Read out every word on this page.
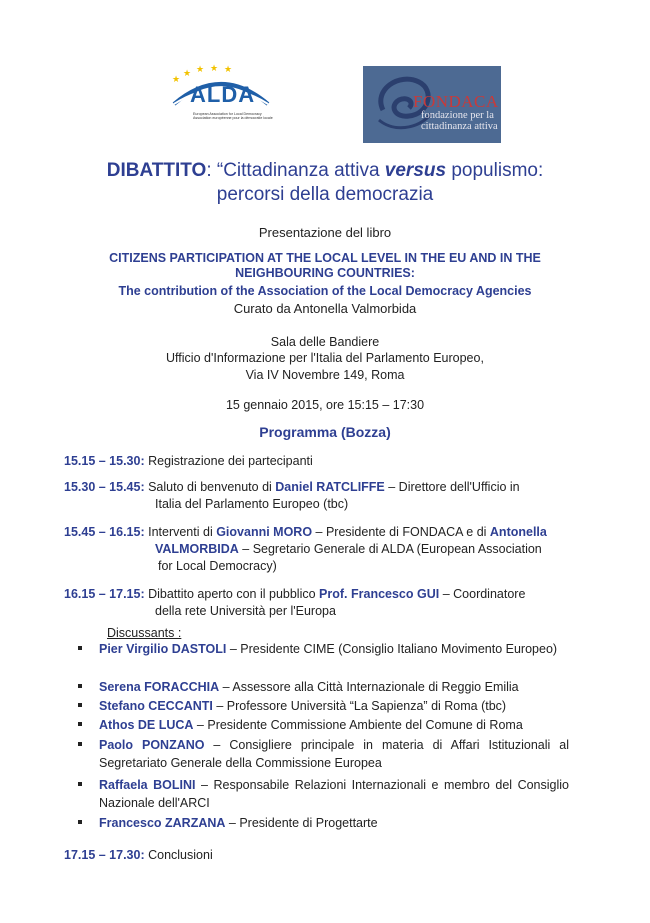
★
★ ★ ★ ★
ALDA
European Association for Local Democracy
Association européenne pour la démocratie locale
FONDACA
fondazione per la
cittadinanza attiva
DIBATTITO: “Cittadinanza attiva versus populismo:
percorsi della democrazia
Presentazione del libro
CITIZENS PARTICIPATION AT THE LOCAL LEVEL IN THE EU AND IN THE
NEIGHBOURING COUNTRIES:
The contribution of the Association of the Local Democracy Agencies
Curato da Antonella Valmorbida
Sala delle Bandiere
Ufficio d'Informazione per l'Italia del Parlamento Europeo,
Via IV Novembre 149, Roma
15 gennaio 2015, ore 15:15 – 17:30
Programma (Bozza)
15.15 – 15.30: Registrazione dei partecipanti
15.30 – 15.45: Saluto di benvenuto di Daniel RATCLIFFE – Direttore dell'Ufficio in
Italia del Parlamento Europeo (tbc)
15.45 – 16.15: Interventi di Giovanni MORO – Presidente di FONDACA e di Antonella
VALMORBIDA – Segretario Generale di ALDA (European Association
for Local Democracy)
16.15 – 17.15: Dibattito aperto con il pubblico Prof. Francesco GUI – Coordinatore
della rete Università per l'Europa
Discussants :
Pier Virgilio DASTOLI – Presidente CIME (Consiglio Italiano Movimento Europeo)
Serena FORACCHIA – Assessore alla Città Internazionale di Reggio Emilia
Stefano CECCANTI – Professore Università “La Sapienza” di Roma (tbc)
Athos DE LUCA – Presidente Commissione Ambiente del Comune di Roma
Paolo PONZANO – Consigliere principale in materia di Affari Istituzionali al Segretariato Generale della Commissione Europea
Raffaela BOLINI – Responsabile Relazioni Internazionali e membro del Consiglio Nazionale dell'ARCI
Francesco ZARZANA – Presidente di Progettarte
17.15 – 17.30: Conclusioni
